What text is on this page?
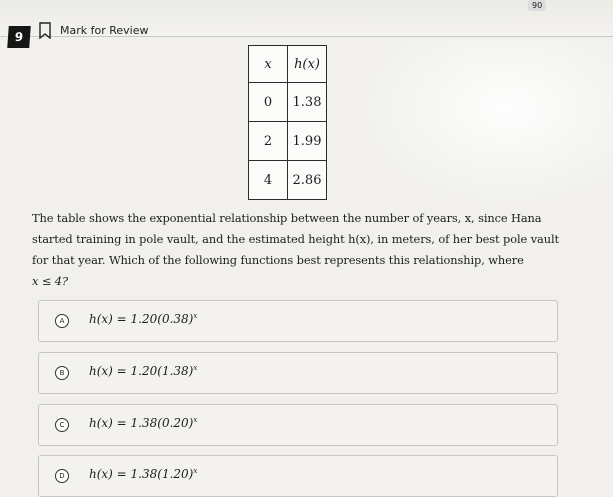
90
9	Mark for Review
x	h(x)
0	1.38
2	1.99
4	2.86
The table shows the exponential relationship between the number of years, x, since Hana
started training in pole vault, and the estimated height h(x), in meters, of her best pole vault
for that year. Which of the following functions best represents this relationship, where
x ≤ 4?
A	$h(x) = 1.20(0.38)^x$
B	$h(x) = 1.20(1.38)^x$
C	$h(x) = 1.38(0.20)^x$
D	$h(x) = 1.38(1.20)^x$
